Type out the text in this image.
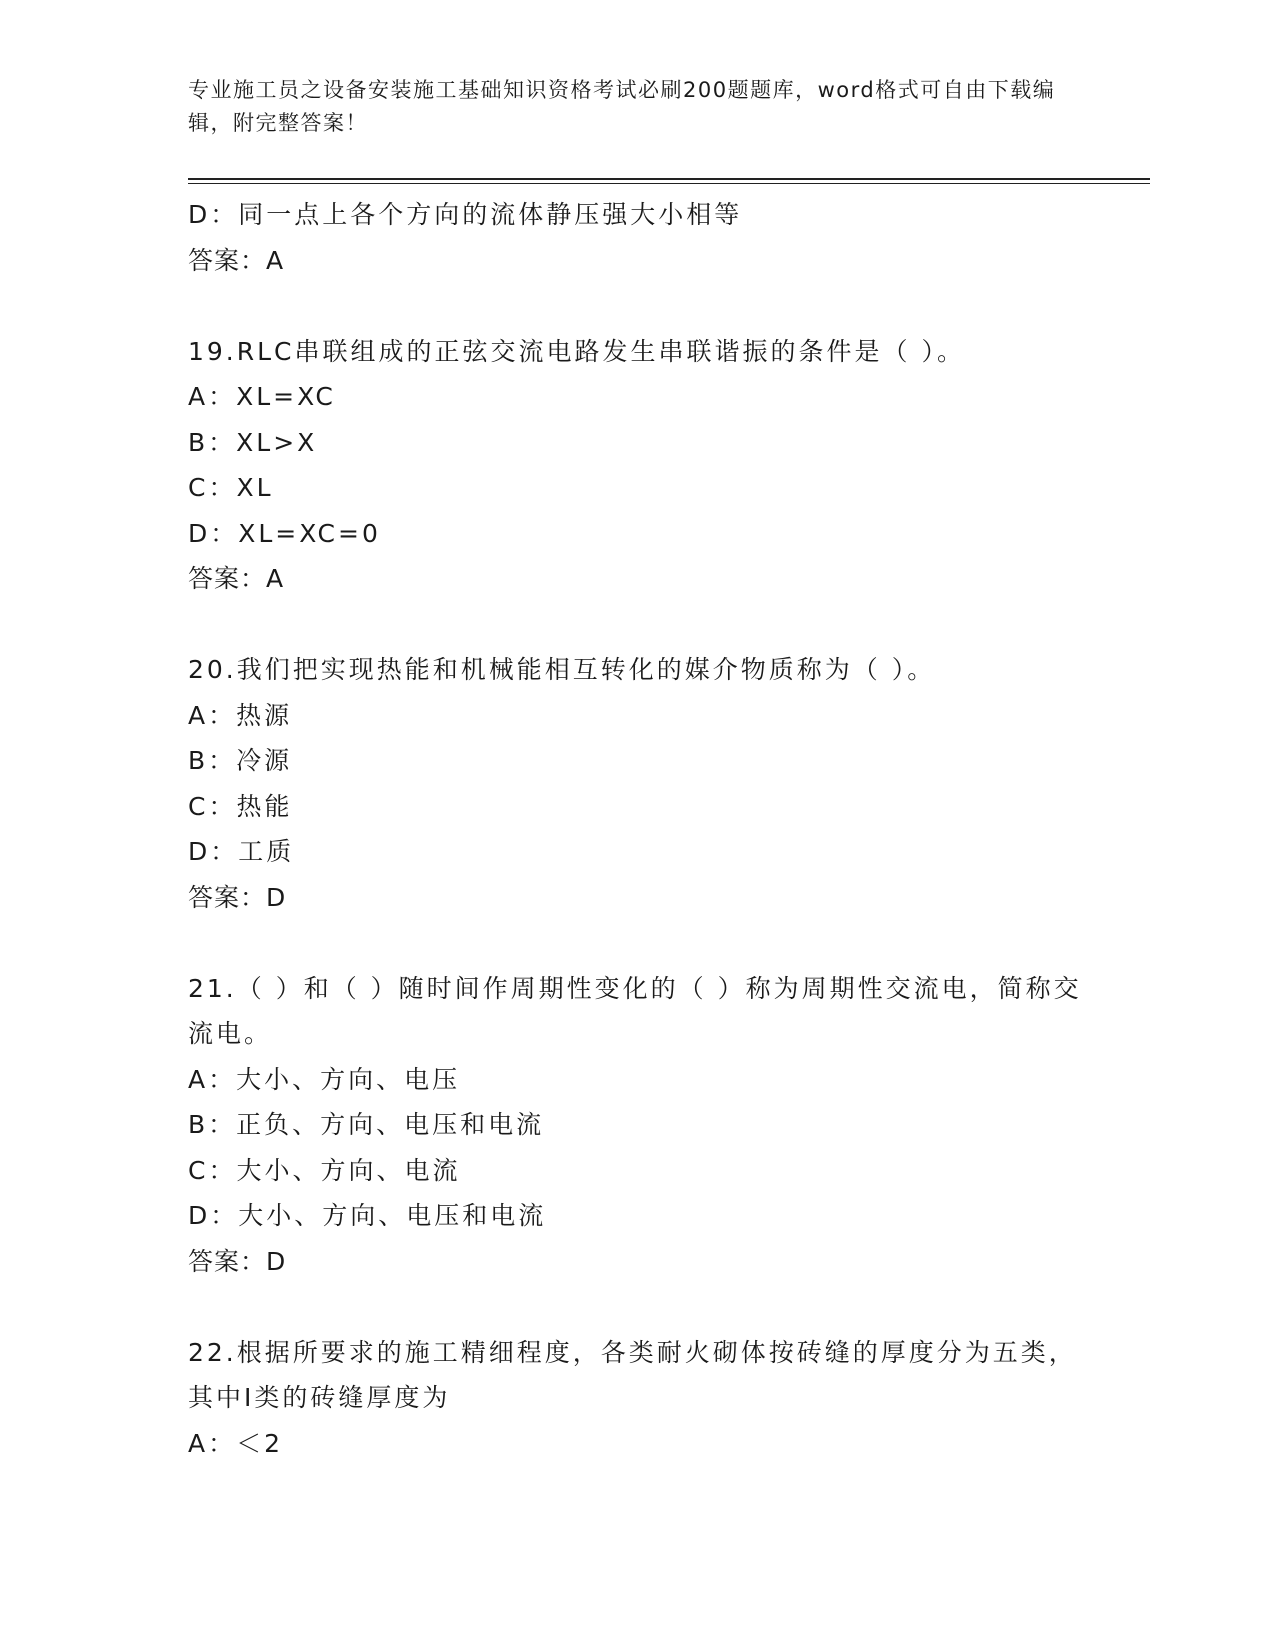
专业施工员之设备安装施工基础知识资格考试必刷200题题库，word格式可自由下载编辑，附完整答案！

D：同一点上各个方向的流体静压强大小相等

答案：A

19.RLC串联组成的正弦交流电路发生串联谐振的条件是（ ）。

A：XL=XC

B：XL>X

C：XL

D：XL=XC=0

答案：A

20.我们把实现热能和机械能相互转化的媒介物质称为（ ）。

A：热源

B：冷源

C：热能

D：工质

答案：D

21.（ ）和（ ）随时间作周期性变化的（ ）称为周期性交流电，简称交流电。

A：大小、方向、电压

B：正负、方向、电压和电流

C：大小、方向、电流

D：大小、方向、电压和电流

答案：D

22.根据所要求的施工精细程度，各类耐火砌体按砖缝的厚度分为五类，其中Ⅰ类的砖缝厚度为

A：＜2
